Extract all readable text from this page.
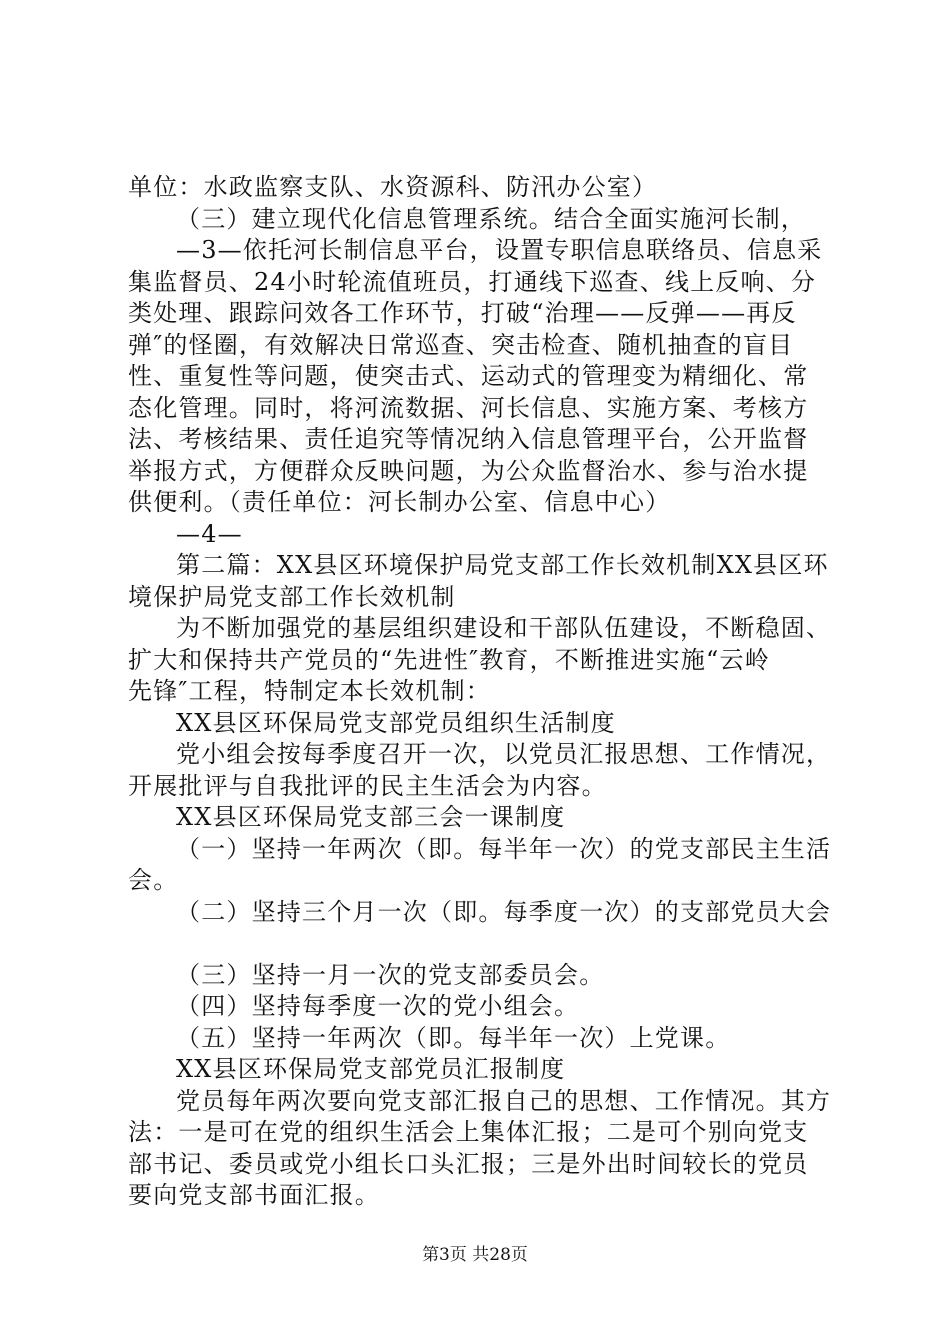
单位：水政监察支队、水资源科、防汛办公室）
（三）建立现代化信息管理系统。结合全面实施河长制，
—3—依托河长制信息平台，设置专职信息联络员、信息采
集监督员、24小时轮流值班员，打通线下巡查、线上反响、分
类处理、跟踪问效各工作环节，打破“治理——反弹——再反
弹″的怪圈，有效解决日常巡查、突击检查、随机抽查的盲目
性、重复性等问题，使突击式、运动式的管理变为精细化、常
态化管理。同时，将河流数据、河长信息、实施方案、考核方
法、考核结果、责任追究等情况纳入信息管理平台，公开监督
举报方式，方便群众反映问题，为公众监督治水、参与治水提
供便利。（责任单位：河长制办公室、信息中心）
—4—
第二篇：XX县区环境保护局党支部工作长效机制XX县区环
境保护局党支部工作长效机制
为不断加强党的基层组织建设和干部队伍建设，不断稳固、
扩大和保持共产党员的“先进性″教育，不断推进实施“云岭
先锋″工程，特制定本长效机制：
XX县区环保局党支部党员组织生活制度
党小组会按每季度召开一次，以党员汇报思想、工作情况，
开展批评与自我批评的民主生活会为内容。
XX县区环保局党支部三会一课制度
（一）坚持一年两次（即。每半年一次）的党支部民主生活
会。
（二）坚持三个月一次（即。每季度一次）的支部党员大会
（三）坚持一月一次的党支部委员会。
（四）坚持每季度一次的党小组会。
（五）坚持一年两次（即。每半年一次）上党课。
XX县区环保局党支部党员汇报制度
党员每年两次要向党支部汇报自己的思想、工作情况。其方
法：一是可在党的组织生活会上集体汇报；二是可个别向党支
部书记、委员或党小组长口头汇报；三是外出时间较长的党员
要向党支部书面汇报。
第3页 共28页
